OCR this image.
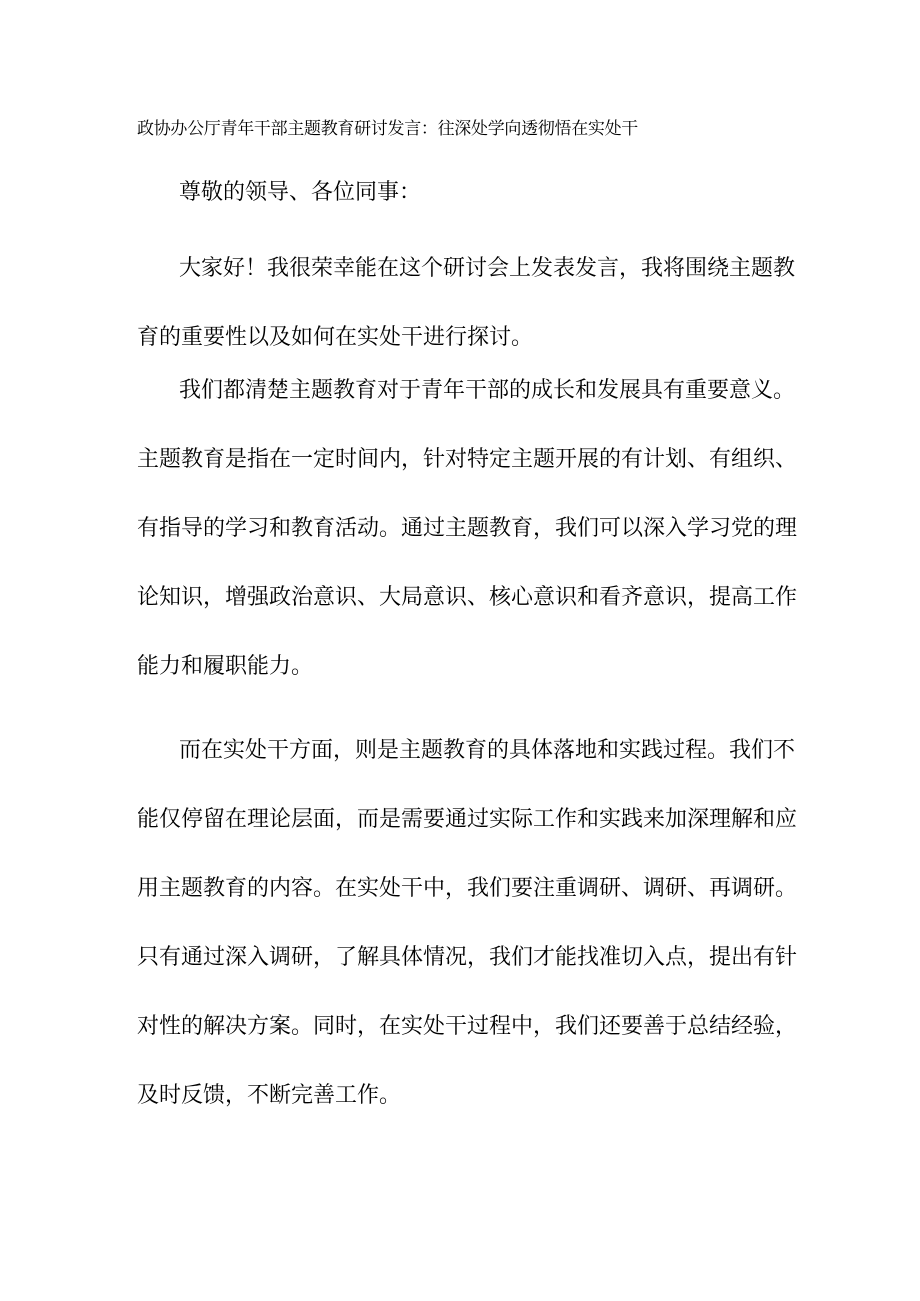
政协办公厅青年干部主题教育研讨发言：往深处学向透彻悟在实处干
尊敬的领导、各位同事：
大家好！我很荣幸能在这个研讨会上发表发言，我将围绕主题教
育的重要性以及如何在实处干进行探讨。
我们都清楚主题教育对于青年干部的成长和发展具有重要意义。
主题教育是指在一定时间内，针对特定主题开展的有计划、有组织、
有指导的学习和教育活动。通过主题教育，我们可以深入学习党的理
论知识，增强政治意识、大局意识、核心意识和看齐意识，提高工作
能力和履职能力。
而在实处干方面，则是主题教育的具体落地和实践过程。我们不
能仅停留在理论层面，而是需要通过实际工作和实践来加深理解和应
用主题教育的内容。在实处干中，我们要注重调研、调研、再调研。
只有通过深入调研，了解具体情况，我们才能找准切入点，提出有针
对性的解决方案。同时，在实处干过程中，我们还要善于总结经验，
及时反馈，不断完善工作。
